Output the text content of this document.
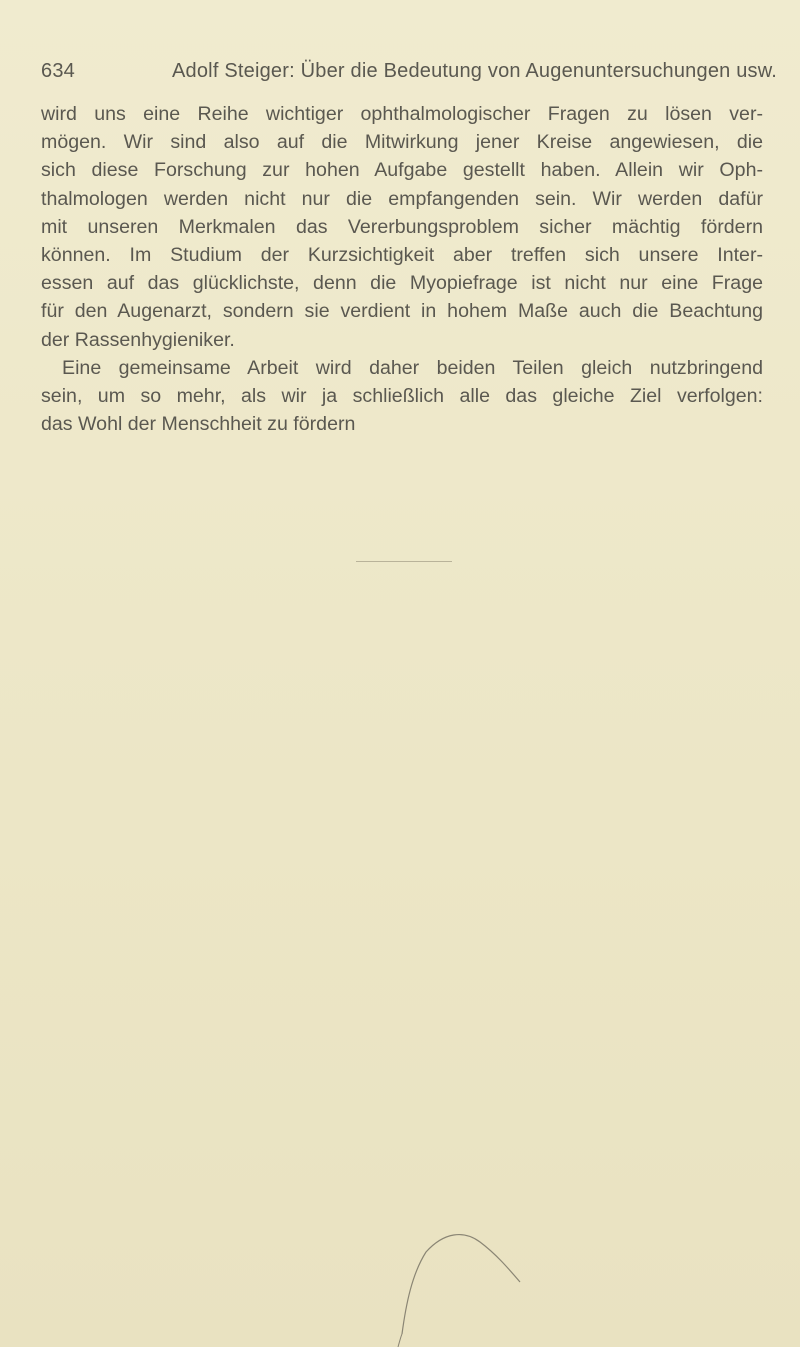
634	Adolf Steiger: Über die Bedeutung von Augenuntersuchungen usw.
wird uns eine Reihe wichtiger ophthalmologischer Fragen zu lösen ver-
mögen. Wir sind also auf die Mitwirkung jener Kreise angewiesen, die
sich diese Forschung zur hohen Aufgabe gestellt haben. Allein wir Oph-
thalmologen werden nicht nur die empfangenden sein. Wir werden dafür
mit unseren Merkmalen das Vererbungsproblem sicher mächtig fördern
können. Im Studium der Kurzsichtigkeit aber treffen sich unsere Inter-
essen auf das glücklichste, denn die Myopiefrage ist nicht nur eine Frage
für den Augenarzt, sondern sie verdient in hohem Maße auch die Beachtung
der Rassenhygieniker.
Eine gemeinsame Arbeit wird daher beiden Teilen gleich nutzbringend
sein, um so mehr, als wir ja schließlich alle das gleiche Ziel verfolgen:
das Wohl der Menschheit zu fördern
